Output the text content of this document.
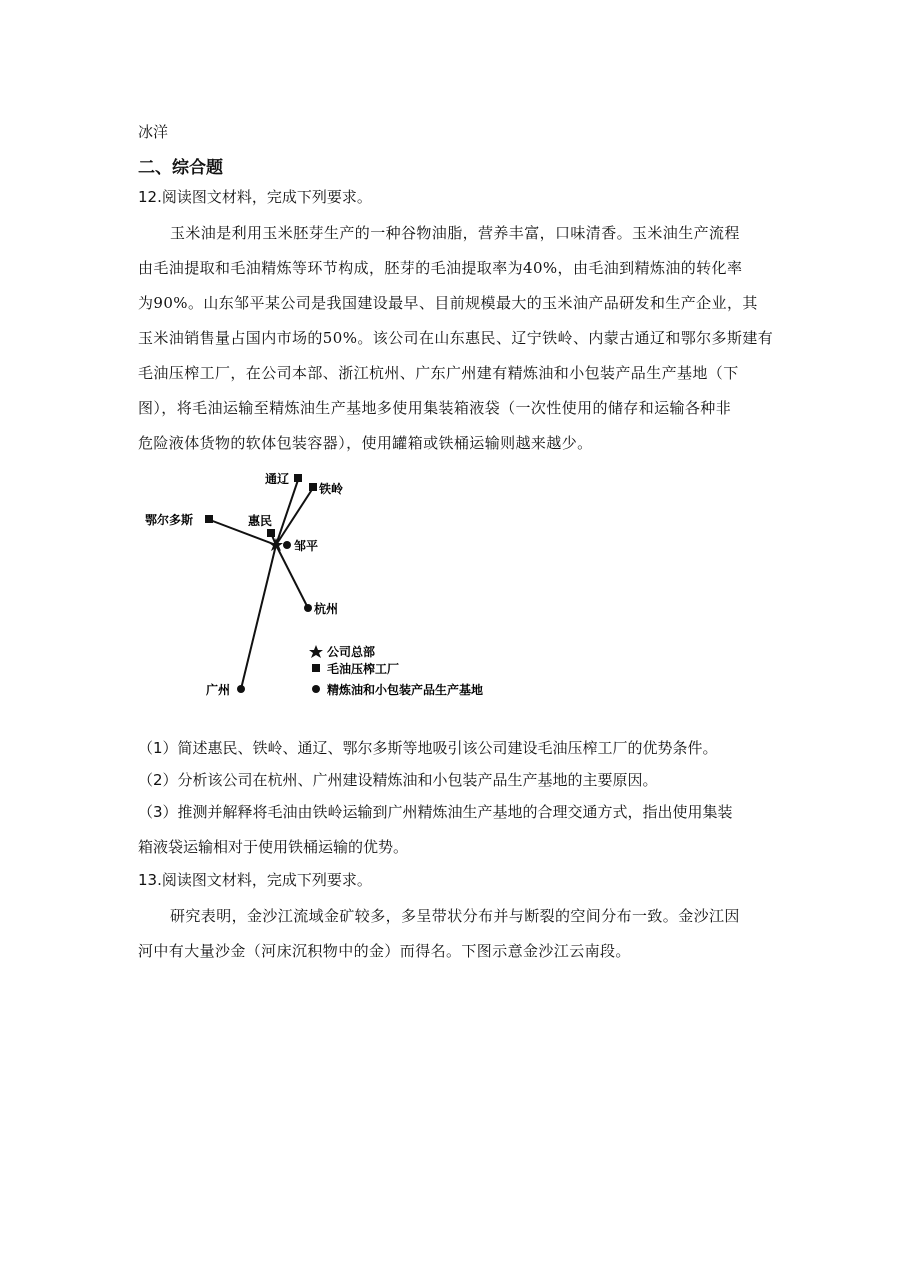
冰洋
二、综合题
12.阅读图文材料，完成下列要求。
玉米油是利用玉米胚芽生产的一种谷物油脂，营养丰富，口味清香。玉米油生产流程
由毛油提取和毛油精炼等环节构成，胚芽的毛油提取率为40%，由毛油到精炼油的转化率
为90%。山东邹平某公司是我国建设最早、目前规模最大的玉米油产品研发和生产企业，其
玉米油销售量占国内市场的50%。该公司在山东惠民、辽宁铁岭、内蒙古通辽和鄂尔多斯建有
毛油压榨工厂，在公司本部、浙江杭州、广东广州建有精炼油和小包装产品生产基地（下
图），将毛油运输至精炼油生产基地多使用集装箱液袋（一次性使用的储存和运输各种非
危险液体货物的软体包装容器），使用罐箱或铁桶运输则越来越少。
通辽
铁岭
鄂尔多斯	惠民
邹平
杭州
广州
公司总部
毛油压榨工厂
精炼油和小包装产品生产基地
（1）简述惠民、铁岭、通辽、鄂尔多斯等地吸引该公司建设毛油压榨工厂的优势条件。
（2）分析该公司在杭州、广州建设精炼油和小包装产品生产基地的主要原因。
（3）推测并解释将毛油由铁岭运输到广州精炼油生产基地的合理交通方式，指出使用集装
箱液袋运输相对于使用铁桶运输的优势。
13.阅读图文材料，完成下列要求。
研究表明，金沙江流域金矿较多，多呈带状分布并与断裂的空间分布一致。金沙江因
河中有大量沙金（河床沉积物中的金）而得名。下图示意金沙江云南段。
